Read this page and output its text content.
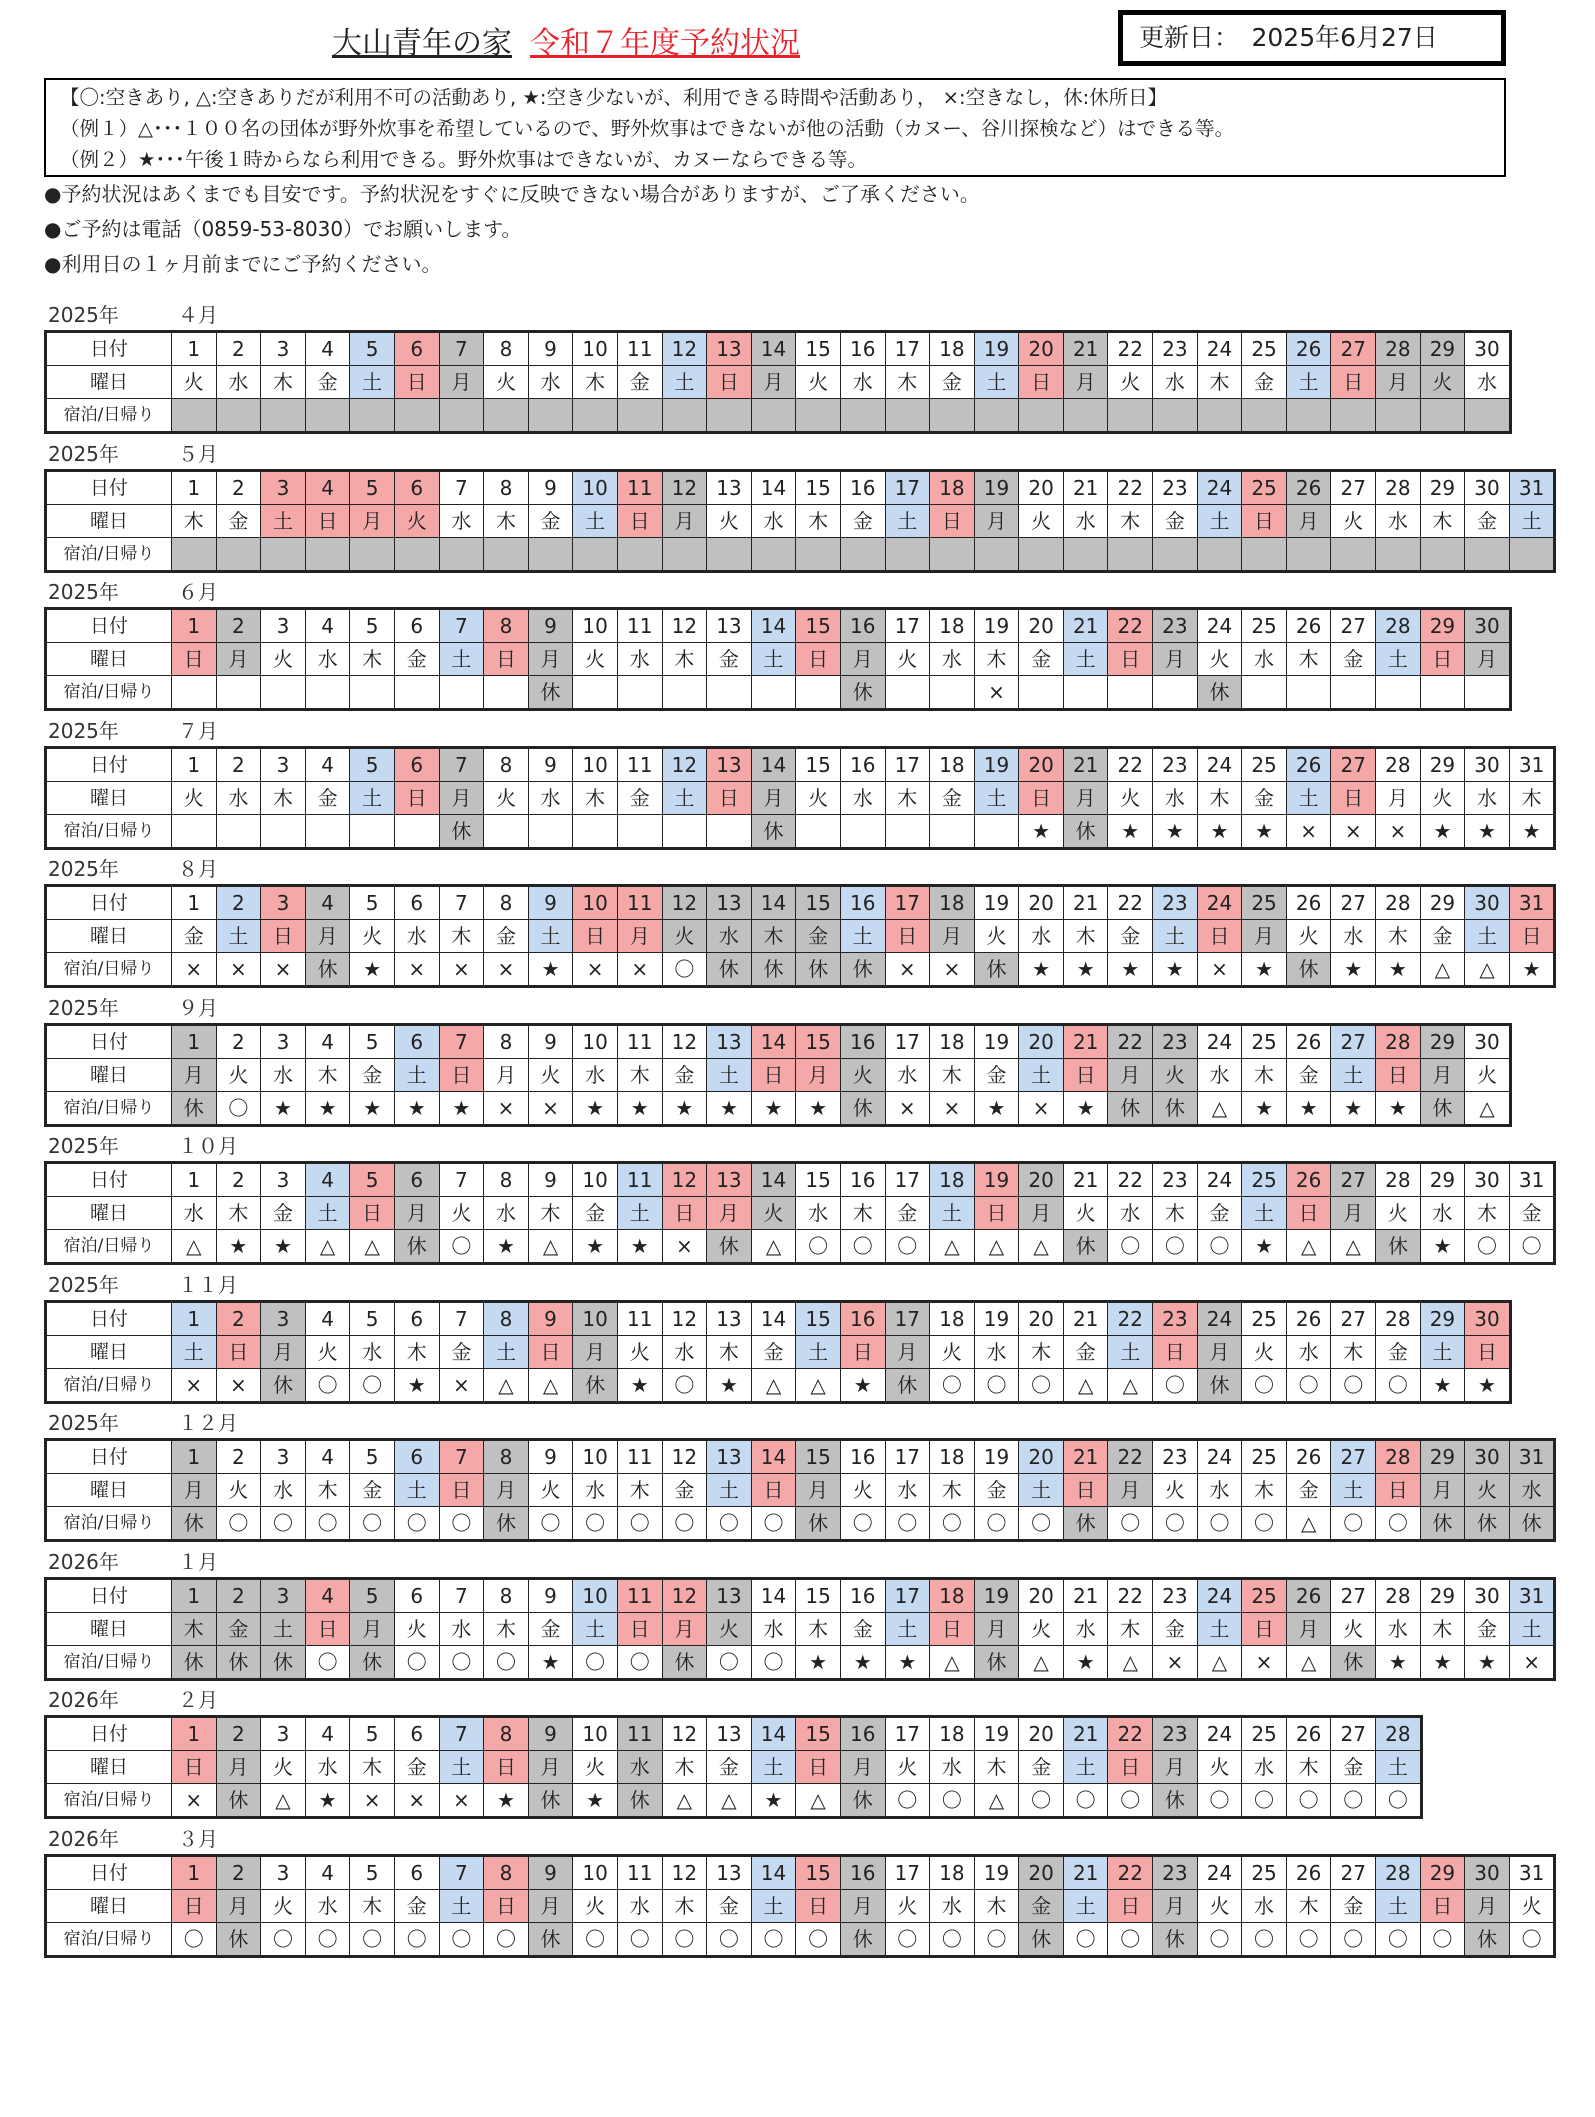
大山青年の家 令和７年度予約状況	更新日：　2025年6月27日
【〇:空きあり, △:空きありだが利用不可の活動あり, ★:空き少ないが、利用できる時間や活動あり， ×:空きなし，休:休所日】
（例１）△･･･１００名の団体が野外炊事を希望しているので、野外炊事はできないが他の活動（カヌー、谷川探検など）はできる等。
（例２）★･･･午後１時からなら利用できる。野外炊事はできないが、カヌーならできる等。
●予約状況はあくまでも目安です。予約状況をすぐに反映できない場合がありますが、ご了承ください。
●ご予約は電話（0859-53-8030）でお願いします。
●利用日の１ヶ月前までにご予約ください。
2025年	４月
日付	1	2	3	4	5	6	7	8	9	10	11	12	13	14	15	16	17	18	19	20	21	22	23	24	25	26	27	28	29	30
曜日	火	水	木	金	土	日	月	火	水	木	金	土	日	月	火	水	木	金	土	日	月	火	水	木	金	土	日	月	火	水
宿泊/日帰り																														
2025年	５月
日付	1	2	3	4	5	6	7	8	9	10	11	12	13	14	15	16	17	18	19	20	21	22	23	24	25	26	27	28	29	30	31
曜日	木	金	土	日	月	火	水	木	金	土	日	月	火	水	木	金	土	日	月	火	水	木	金	土	日	月	火	水	木	金	土
宿泊/日帰り																															
2025年	６月
日付	1	2	3	4	5	6	7	8	9	10	11	12	13	14	15	16	17	18	19	20	21	22	23	24	25	26	27	28	29	30
曜日	日	月	火	水	木	金	土	日	月	火	水	木	金	土	日	月	火	水	木	金	土	日	月	火	水	木	金	土	日	月
宿泊/日帰り									休							休			×					休						
2025年	７月
日付	1	2	3	4	5	6	7	8	9	10	11	12	13	14	15	16	17	18	19	20	21	22	23	24	25	26	27	28	29	30	31
曜日	火	水	木	金	土	日	月	火	水	木	金	土	日	月	火	水	木	金	土	日	月	火	水	木	金	土	日	月	火	水	木
宿泊/日帰り							休							休						★	休	★	★	★	★	×	×	×	★	★	★
2025年	８月
日付	1	2	3	4	5	6	7	8	9	10	11	12	13	14	15	16	17	18	19	20	21	22	23	24	25	26	27	28	29	30	31
曜日	金	土	日	月	火	水	木	金	土	日	月	火	水	木	金	土	日	月	火	水	木	金	土	日	月	火	水	木	金	土	日
宿泊/日帰り	×	×	×	休	★	×	×	×	★	×	×	〇	休	休	休	休	×	×	休	★	★	★	★	×	★	休	★	★	△	△	★
2025年	９月
日付	1	2	3	4	5	6	7	8	9	10	11	12	13	14	15	16	17	18	19	20	21	22	23	24	25	26	27	28	29	30
曜日	月	火	水	木	金	土	日	月	火	水	木	金	土	日	月	火	水	木	金	土	日	月	火	水	木	金	土	日	月	火
宿泊/日帰り	休	〇	★	★	★	★	★	×	×	★	★	★	★	★	★	休	×	×	★	×	★	休	休	△	★	★	★	★	休	△
2025年	１０月
日付	1	2	3	4	5	6	7	8	9	10	11	12	13	14	15	16	17	18	19	20	21	22	23	24	25	26	27	28	29	30	31
曜日	水	木	金	土	日	月	火	水	木	金	土	日	月	火	水	木	金	土	日	月	火	水	木	金	土	日	月	火	水	木	金
宿泊/日帰り	△	★	★	△	△	休	〇	★	△	★	★	×	休	△	〇	〇	〇	△	△	△	休	〇	〇	〇	★	△	△	休	★	〇	〇
2025年	１１月
日付	1	2	3	4	5	6	7	8	9	10	11	12	13	14	15	16	17	18	19	20	21	22	23	24	25	26	27	28	29	30
曜日	土	日	月	火	水	木	金	土	日	月	火	水	木	金	土	日	月	火	水	木	金	土	日	月	火	水	木	金	土	日
宿泊/日帰り	×	×	休	〇	〇	★	×	△	△	休	★	〇	★	△	△	★	休	〇	〇	〇	△	△	〇	休	〇	〇	〇	〇	★	★
2025年	１２月
日付	1	2	3	4	5	6	7	8	9	10	11	12	13	14	15	16	17	18	19	20	21	22	23	24	25	26	27	28	29	30	31
曜日	月	火	水	木	金	土	日	月	火	水	木	金	土	日	月	火	水	木	金	土	日	月	火	水	木	金	土	日	月	火	水
宿泊/日帰り	休	〇	〇	〇	〇	〇	〇	休	〇	〇	〇	〇	〇	〇	休	〇	〇	〇	〇	〇	休	〇	〇	〇	〇	△	〇	〇	休	休	休
2026年	１月
日付	1	2	3	4	5	6	7	8	9	10	11	12	13	14	15	16	17	18	19	20	21	22	23	24	25	26	27	28	29	30	31
曜日	木	金	土	日	月	火	水	木	金	土	日	月	火	水	木	金	土	日	月	火	水	木	金	土	日	月	火	水	木	金	土
宿泊/日帰り	休	休	休	〇	休	〇	〇	〇	★	〇	〇	休	〇	〇	★	★	★	△	休	△	★	△	×	△	×	△	休	★	★	★	×
2026年	２月
日付	1	2	3	4	5	6	7	8	9	10	11	12	13	14	15	16	17	18	19	20	21	22	23	24	25	26	27	28
曜日	日	月	火	水	木	金	土	日	月	火	水	木	金	土	日	月	火	水	木	金	土	日	月	火	水	木	金	土
宿泊/日帰り	×	休	△	★	×	×	×	★	休	★	休	△	△	★	△	休	〇	〇	△	〇	〇	〇	休	〇	〇	〇	〇	〇
2026年	３月
日付	1	2	3	4	5	6	7	8	9	10	11	12	13	14	15	16	17	18	19	20	21	22	23	24	25	26	27	28	29	30	31
曜日	日	月	火	水	木	金	土	日	月	火	水	木	金	土	日	月	火	水	木	金	土	日	月	火	水	木	金	土	日	月	火
宿泊/日帰り	〇	休	〇	〇	〇	〇	〇	〇	休	〇	〇	〇	〇	〇	〇	休	〇	〇	〇	休	〇	〇	休	〇	〇	〇	〇	〇	〇	休	〇
